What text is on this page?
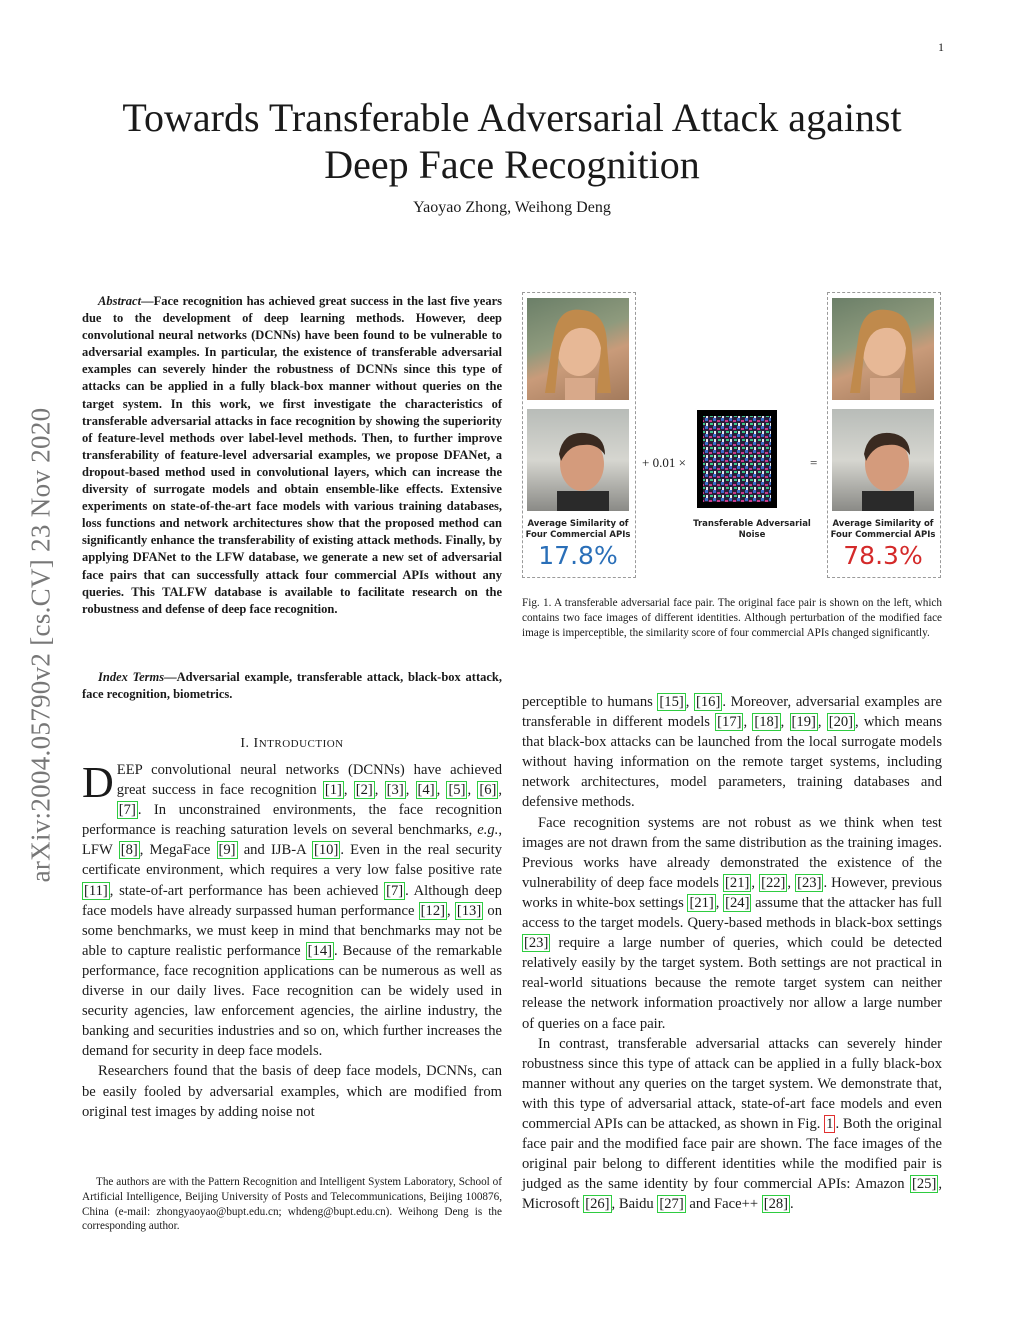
1
Towards Transferable Adversarial Attack against
Deep Face Recognition
Yaoyao Zhong, Weihong Deng
arXiv:2004.05790v2 [cs.CV] 23 Nov 2020
Abstract—Face recognition has achieved great success in the last five years due to the development of deep learning methods. However, deep convolutional neural networks (DCNNs) have been found to be vulnerable to adversarial examples. In particular, the existence of transferable adversarial examples can severely hinder the robustness of DCNNs since this type of attacks can be applied in a fully black-box manner without queries on the target system. In this work, we first investigate the characteristics of transferable adversarial attacks in face recognition by showing the superiority of feature-level methods over label-level methods. Then, to further improve transferability of feature-level adversarial examples, we propose DFANet, a dropout-based method used in convolutional layers, which can increase the diversity of surrogate models and obtain ensemble-like effects. Extensive experiments on state-of-the-art face models with various training databases, loss functions and network architectures show that the proposed method can significantly enhance the transferability of existing attack methods. Finally, by applying DFANet to the LFW database, we generate a new set of adversarial face pairs that can successfully attack four commercial APIs without any queries. This TALFW database is available to facilitate research on the robustness and defense of deep face recognition.
Index Terms—Adversarial example, transferable attack, black-box attack, face recognition, biometrics.
I. INTRODUCTION

DEEP convolutional neural networks (DCNNs) have achieved great success in face recognition [1] , [2] , [3] , [4] , [5] , [6] , [7] . In unconstrained environments, the face recognition performance is reaching saturation levels on several benchmarks, e.g., LFW [8] , MegaFace [9] and IJB-A [10] . Even in the real security certificate environment, which requires a very low false positive rate [11] , state-of-art performance has been achieved [7] . Although deep face models have already surpassed human performance [12] , [13] on some benchmarks, we must keep in mind that benchmarks may not be able to capture realistic performance [14] . Because of the remarkable performance, face recognition applications can be numerous as well as diverse in our daily lives. Face recognition can be widely used in security agencies, law enforcement agencies, the airline industry, the banking and securities industries and so on, which further increases the demand for security in deep face models.

Researchers found that the basis of deep face models, DCNNs, can be easily fooled by adversarial examples, which are modified from original test images by adding noise not

The authors are with the Pattern Recognition and Intelligent System Laboratory, School of Artificial Intelligence, Beijing University of Posts and Telecommunications, Beijing 100876, China (e-mail: zhongyaoyao@bupt.edu.cn; whdeng@bupt.edu.cn). Weihong Deng is the corresponding author.
Average Similarity of Four Commercial APIs
17.8%
+ 0.01 ×
Transferable Adversarial Noise
=
Average Similarity of Four Commercial APIs
78.3%
Fig. 1. A transferable adversarial face pair. The original face pair is shown on the left, which contains two face images of different identities. Although perturbation of the modified face image is imperceptible, the similarity score of four commercial APIs changed significantly.

perceptible to humans [15] , [16] . Moreover, adversarial examples are transferable in different models [17] , [18] , [19] , [20] , which means that black-box attacks can be launched from the local surrogate models without having information on the remote target systems, including network architectures, model parameters, training databases and defensive methods.

Face recognition systems are not robust as we think when test images are not drawn from the same distribution as the training images. Previous works have already demonstrated the existence of the vulnerability of deep face models [21] , [22] , [23] . However, previous works in white-box settings [21] , [24] assume that the attacker has full access to the target models. Query-based methods in black-box settings [23] require a large number of queries, which could be detected relatively easily by the target system. Both settings are not practical in real-world situations because the remote target system can neither release the network information proactively nor allow a large number of queries on a face pair.

In contrast, transferable adversarial attacks can severely hinder robustness since this type of attack can be applied in a fully black-box manner without any queries on the target system. We demonstrate that, with this type of adversarial attack, state-of-art face models and even commercial APIs can be attacked, as shown in Fig. 1 . Both the original face pair and the modified face pair are shown. The face images of the original pair belong to different identities while the modified pair is judged as the same identity by four commercial APIs: Amazon [25] , Microsoft [26] , Baidu [27] and Face++ [28] .
